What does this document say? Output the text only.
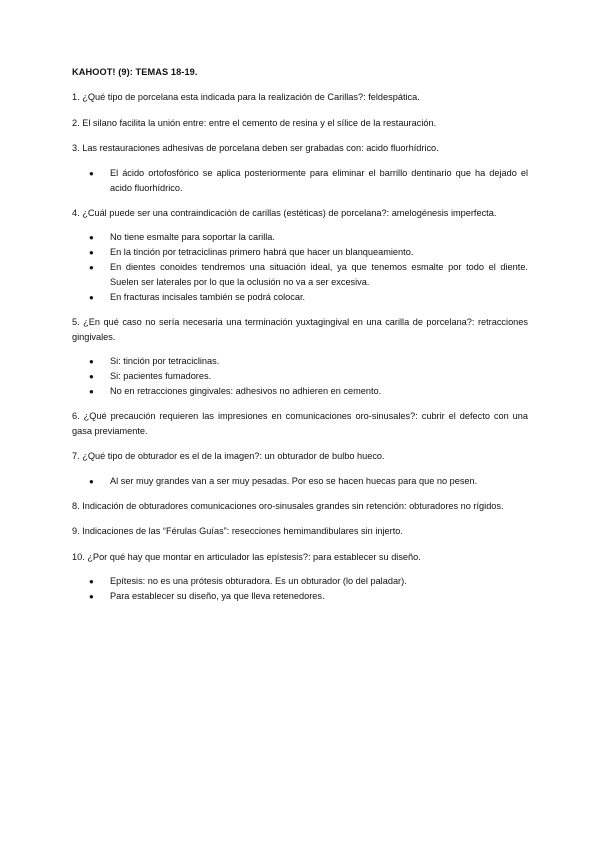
KAHOOT! (9): TEMAS 18-19.
1. ¿Qué tipo de porcelana esta indicada para la realización de Carillas?: feldespática.
2. El silano facilita la unión entre: entre el cemento de resina y el sílice de la restauración.
3. Las restauraciones adhesivas de porcelana deben ser grabadas con: acido fluorhídrico.
● El ácido ortofosfórico se aplica posteriormente para eliminar el barrillo dentinario que ha dejado el acido fluorhídrico.
4. ¿Cuál puede ser una contraindicación de carillas (estéticas) de porcelana?: amelogénesis imperfecta.
● No tiene esmalte para soportar la carilla.
● En la tinción por tetraciclinas primero habrá que hacer un blanqueamiento.
● En dientes conoides tendremos una situación ideal, ya que tenemos esmalte por todo el diente. Suelen ser laterales por lo que la oclusión no va a ser excesiva.
● En fracturas incisales también se podrá colocar.
5. ¿En qué caso no sería necesaria una terminación yuxtagingival en una carilla de porcelana?: retracciones gingivales.
● Si: tinción por tetraciclinas.
● Si: pacientes fumadores.
● No en retracciones gingivales: adhesivos no adhieren en cemento.
6. ¿Qué precaución requieren las impresiones en comunicaciones oro-sinusales?: cubrir el defecto con una gasa previamente.
7. ¿Qué tipo de obturador es el de la imagen?: un obturador de bulbo hueco.
● Al ser muy grandes van a ser muy pesadas. Por eso se hacen huecas para que no pesen.
8. Indicación de obturadores comunicaciones oro-sinusales grandes sin retención: obturadores no rígidos.
9. Indicaciones de las “Férulas Guías”: resecciones hemimandibulares sin injerto.
10. ¿Por qué hay que montar en articulador las epístesis?: para establecer su diseño.
● Epítesis: no es una prótesis obturadora. Es un obturador (lo del paladar).
● Para establecer su diseño, ya que lleva retenedores.
